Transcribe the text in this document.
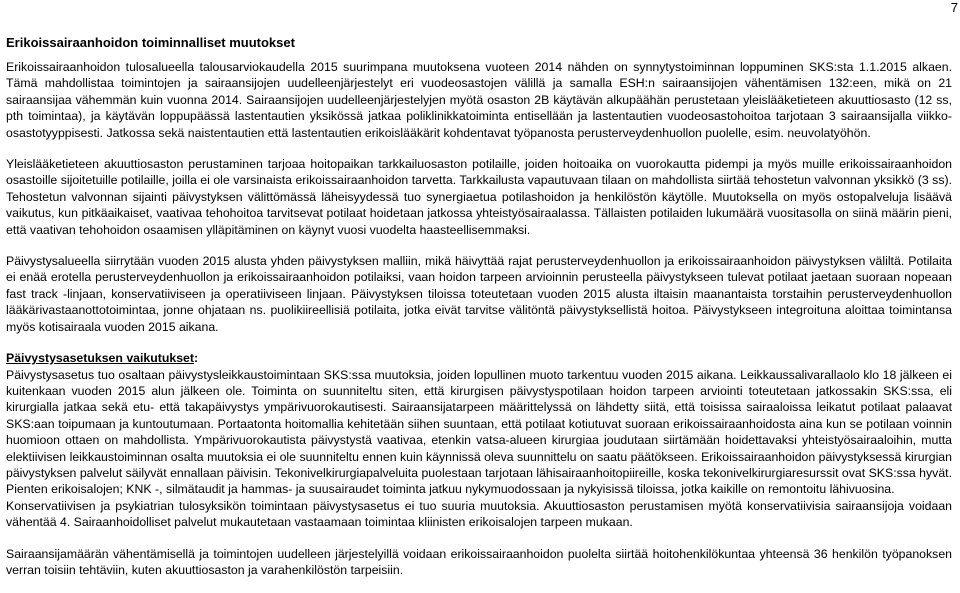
7
Erikoissairaanhoidon toiminnalliset muutokset

Erikoissairaanhoidon tulosalueella talousarviokaudella 2015 suurimpana muutoksena vuoteen 2014 nähden on synnytystoiminnan loppuminen SKS:sta 1.1.2015 alkaen. Tämä mahdollistaa toimintojen ja sairaansijojen uudelleenjärjestelyt eri vuodeosastojen välillä ja samalla ESH:n sairaansijojen vähentämisen 132:een, mikä on 21 sairaansijaa vähemmän kuin vuonna 2014. Sairaansijojen uudelleenjärjestelyjen myötä osaston 2B käytävän alkupäähän perustetaan yleislääketieteen akuuttiosasto (12 ss, pth toimintaa), ja käytävän loppupäässä lastentautien yksikössä jatkaa poliklinikkatoiminta entisellään ja lastentautien vuodeosastohoitoa tarjotaan 3 sairaansijalla viikko-osastotyyppisesti. Jatkossa sekä naistentautien että lastentautien erikoislääkärit kohdentavat työpanosta perusterveydenhuollon puolelle, esim. neuvolatyöhön.

Yleislääketieteen akuuttiosaston perustaminen tarjoaa hoitopaikan tarkkailuosaston potilaille, joiden hoitoaika on vuorokautta pidempi ja myös muille erikoissairaanhoidon osastoille sijoitetuille potilaille, joilla ei ole varsinaista erikoissairaanhoidon tarvetta. Tarkkailusta vapautuvaan tilaan on mahdollista siirtää tehostetun valvonnan yksikkö (3 ss). Tehostetun valvonnan sijainti päivystyksen välittömässä läheisyydessä tuo synergiaetua potilashoidon ja henkilöstön käytölle. Muutoksella on myös ostopalveluja lisäävä vaikutus, kun pitkäaikaiset, vaativaa tehohoitoa tarvitsevat potilaat hoidetaan jatkossa yhteistyösairaalassa. Tällaisten potilaiden lukumäärä vuositasolla on siinä määrin pieni, että vaativan tehohoidon osaamisen ylläpitäminen on käynyt vuosi vuodelta haasteellisemmaksi.

Päivystysalueella siirrytään vuoden 2015 alusta yhden päivystyksen malliin, mikä häivyttää rajat perusterveydenhuollon ja erikoissairaanhoidon päivystyksen väliltä. Potilaita ei enää erotella perusterveydenhuollon ja erikoissairaanhoidon potilaiksi, vaan hoidon tarpeen arvioinnin perusteella päivystykseen tulevat potilaat jaetaan suoraan nopeaan fast track -linjaan, konservatiiviseen ja operatiiviseen linjaan. Päivystyksen tiloissa toteutetaan vuoden 2015 alusta iltaisin maanantaista torstaihin perusterveydenhuollon lääkärivastaanottotoimintaa, jonne ohjataan ns. puolikiireellisiä potilaita, jotka eivät tarvitse välitöntä päivystyksellistä hoitoa. Päivystykseen integroituna aloittaa toimintansa myös kotisairaala vuoden 2015 aikana.

Päivystysasetuksen vaikutukset:
Päivystysasetus tuo osaltaan päivystysleikkaustoimintaan SKS:ssa muutoksia, joiden lopullinen muoto tarkentuu vuoden 2015 aikana. Leikkaussalivarallaolo klo 18 jälkeen ei kuitenkaan vuoden 2015 alun jälkeen ole. Toiminta on suunniteltu siten, että kirurgisen päivystyspotilaan hoidon tarpeen arviointi toteutetaan jatkossakin SKS:ssa, eli kirurgialla jatkaa sekä etu- että takapäivystys ympärivuorokautisesti. Sairaansijatarpeen määrittelyssä on lähdetty siitä, että toisissa sairaaloissa leikatut potilaat palaavat SKS:aan toipumaan ja kuntoutumaan. Portaatonta hoitomallia kehitetään siihen suuntaan, että potilaat kotiutuvat suoraan erikoissairaanhoidosta aina kun se potilaan voinnin huomioon ottaen on mahdollista. Ympärivuorokautista päivystystä vaativaa, etenkin vatsa-alueen kirurgiaa joudutaan siirtämään hoidettavaksi yhteistyösairaaloihin, mutta elektiivisen leikkaustoiminnan osalta muutoksia ei ole suunniteltu ennen kuin käynnissä oleva suunnittelu on saatu päätökseen. Erikoissairaanhoidon päivystyksessä kirurgian päivystyksen palvelut säilyvät ennallaan päivisin. Tekonivelkirurgiapalveluita puolestaan tarjotaan lähisairaanhoitopiireille, koska tekonivelkirurgiaresurssit ovat SKS:ssa hyvät. Pienten erikoisalojen; KNK -, silmätaudit ja hammas- ja suusairaudet toiminta jatkuu nykymuodossaan ja nykyisissä tiloissa, jotka kaikille on remontoitu lähivuosina.

Konservatiivisen ja psykiatrian tulosyksikön toimintaan päivystysasetus ei tuo suuria muutoksia. Akuuttiosaston perustamisen myötä konservatiivisia sairaansijoja voidaan vähentää 4. Sairaanhoidolliset palvelut mukautetaan vastaamaan toimintaa kliinisten erikoisalojen tarpeen mukaan.

Sairaansijamäärän vähentämisellä ja toimintojen uudelleen järjestelyillä voidaan erikoissairaanhoidon puolelta siirtää hoitohenkilökuntaa yhteensä 36 henkilön työpanoksen verran toisiin tehtäviin, kuten akuuttiosaston ja varahenkilöstön tarpeisiin.
